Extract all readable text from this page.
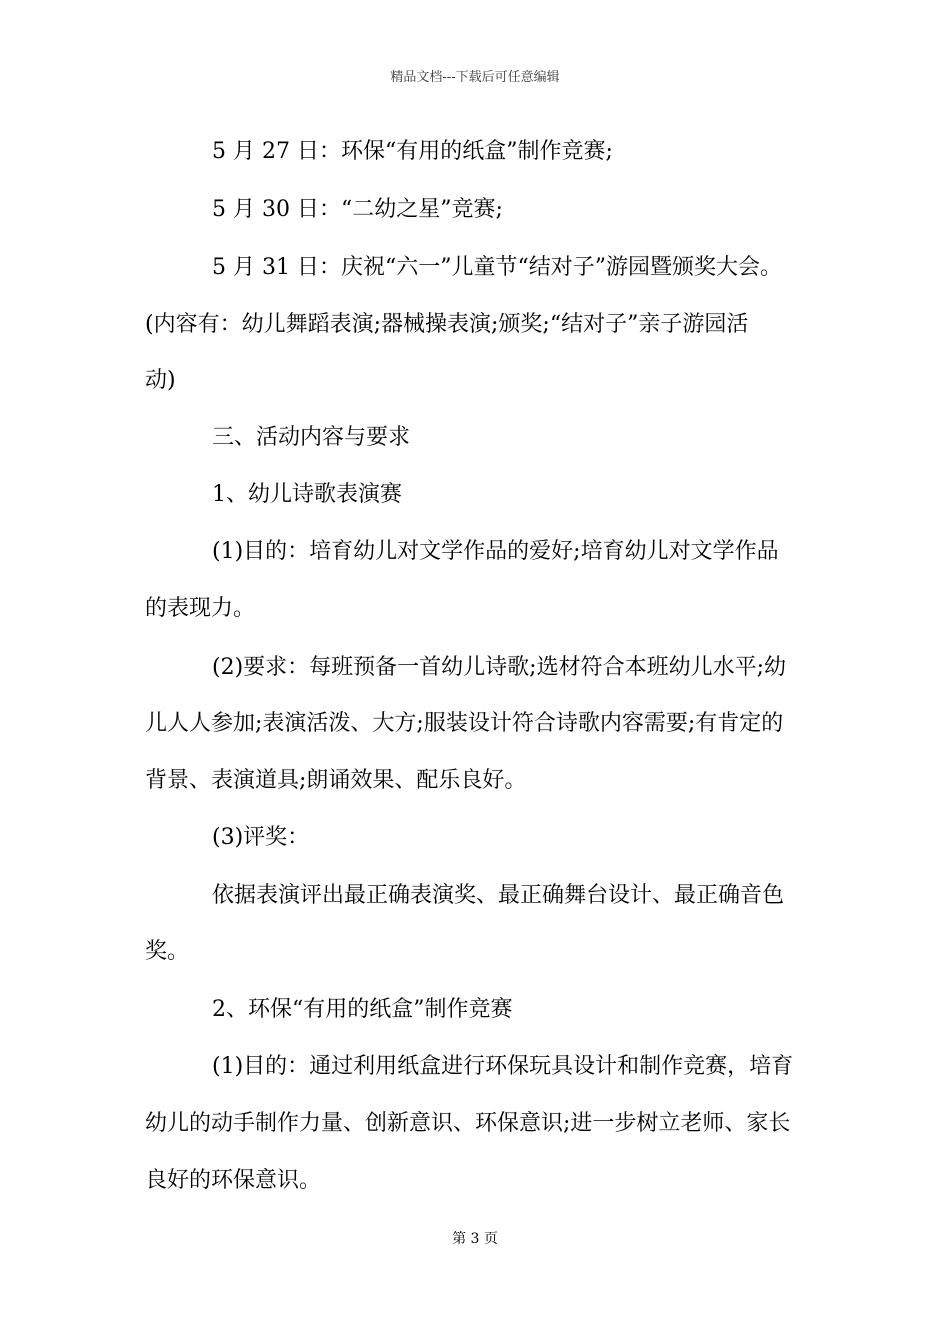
精品文档---下载后可任意编辑
5 月 27 日：环保“有用的纸盒”制作竞赛;
5 月 30 日：“二幼之星”竞赛;
5 月 31 日：庆祝“六一”儿童节“结对子”游园暨颁奖大会。
(内容有：幼儿舞蹈表演;器械操表演;颁奖;“结对子”亲子游园活
动)
三、活动内容与要求
1、幼儿诗歌表演赛
(1)目的：培育幼儿对文学作品的爱好;培育幼儿对文学作品
的表现力。
(2)要求：每班预备一首幼儿诗歌;选材符合本班幼儿水平;幼
儿人人参加;表演活泼、大方;服装设计符合诗歌内容需要;有肯定的
背景、表演道具;朗诵效果、配乐良好。
(3)评奖：
依据表演评出最正确表演奖、最正确舞台设计、最正确音色
奖。
2、环保“有用的纸盒”制作竞赛
(1)目的：通过利用纸盒进行环保玩具设计和制作竞赛，培育
幼儿的动手制作力量、创新意识、环保意识;进一步树立老师、家长
良好的环保意识。
第 3 页
